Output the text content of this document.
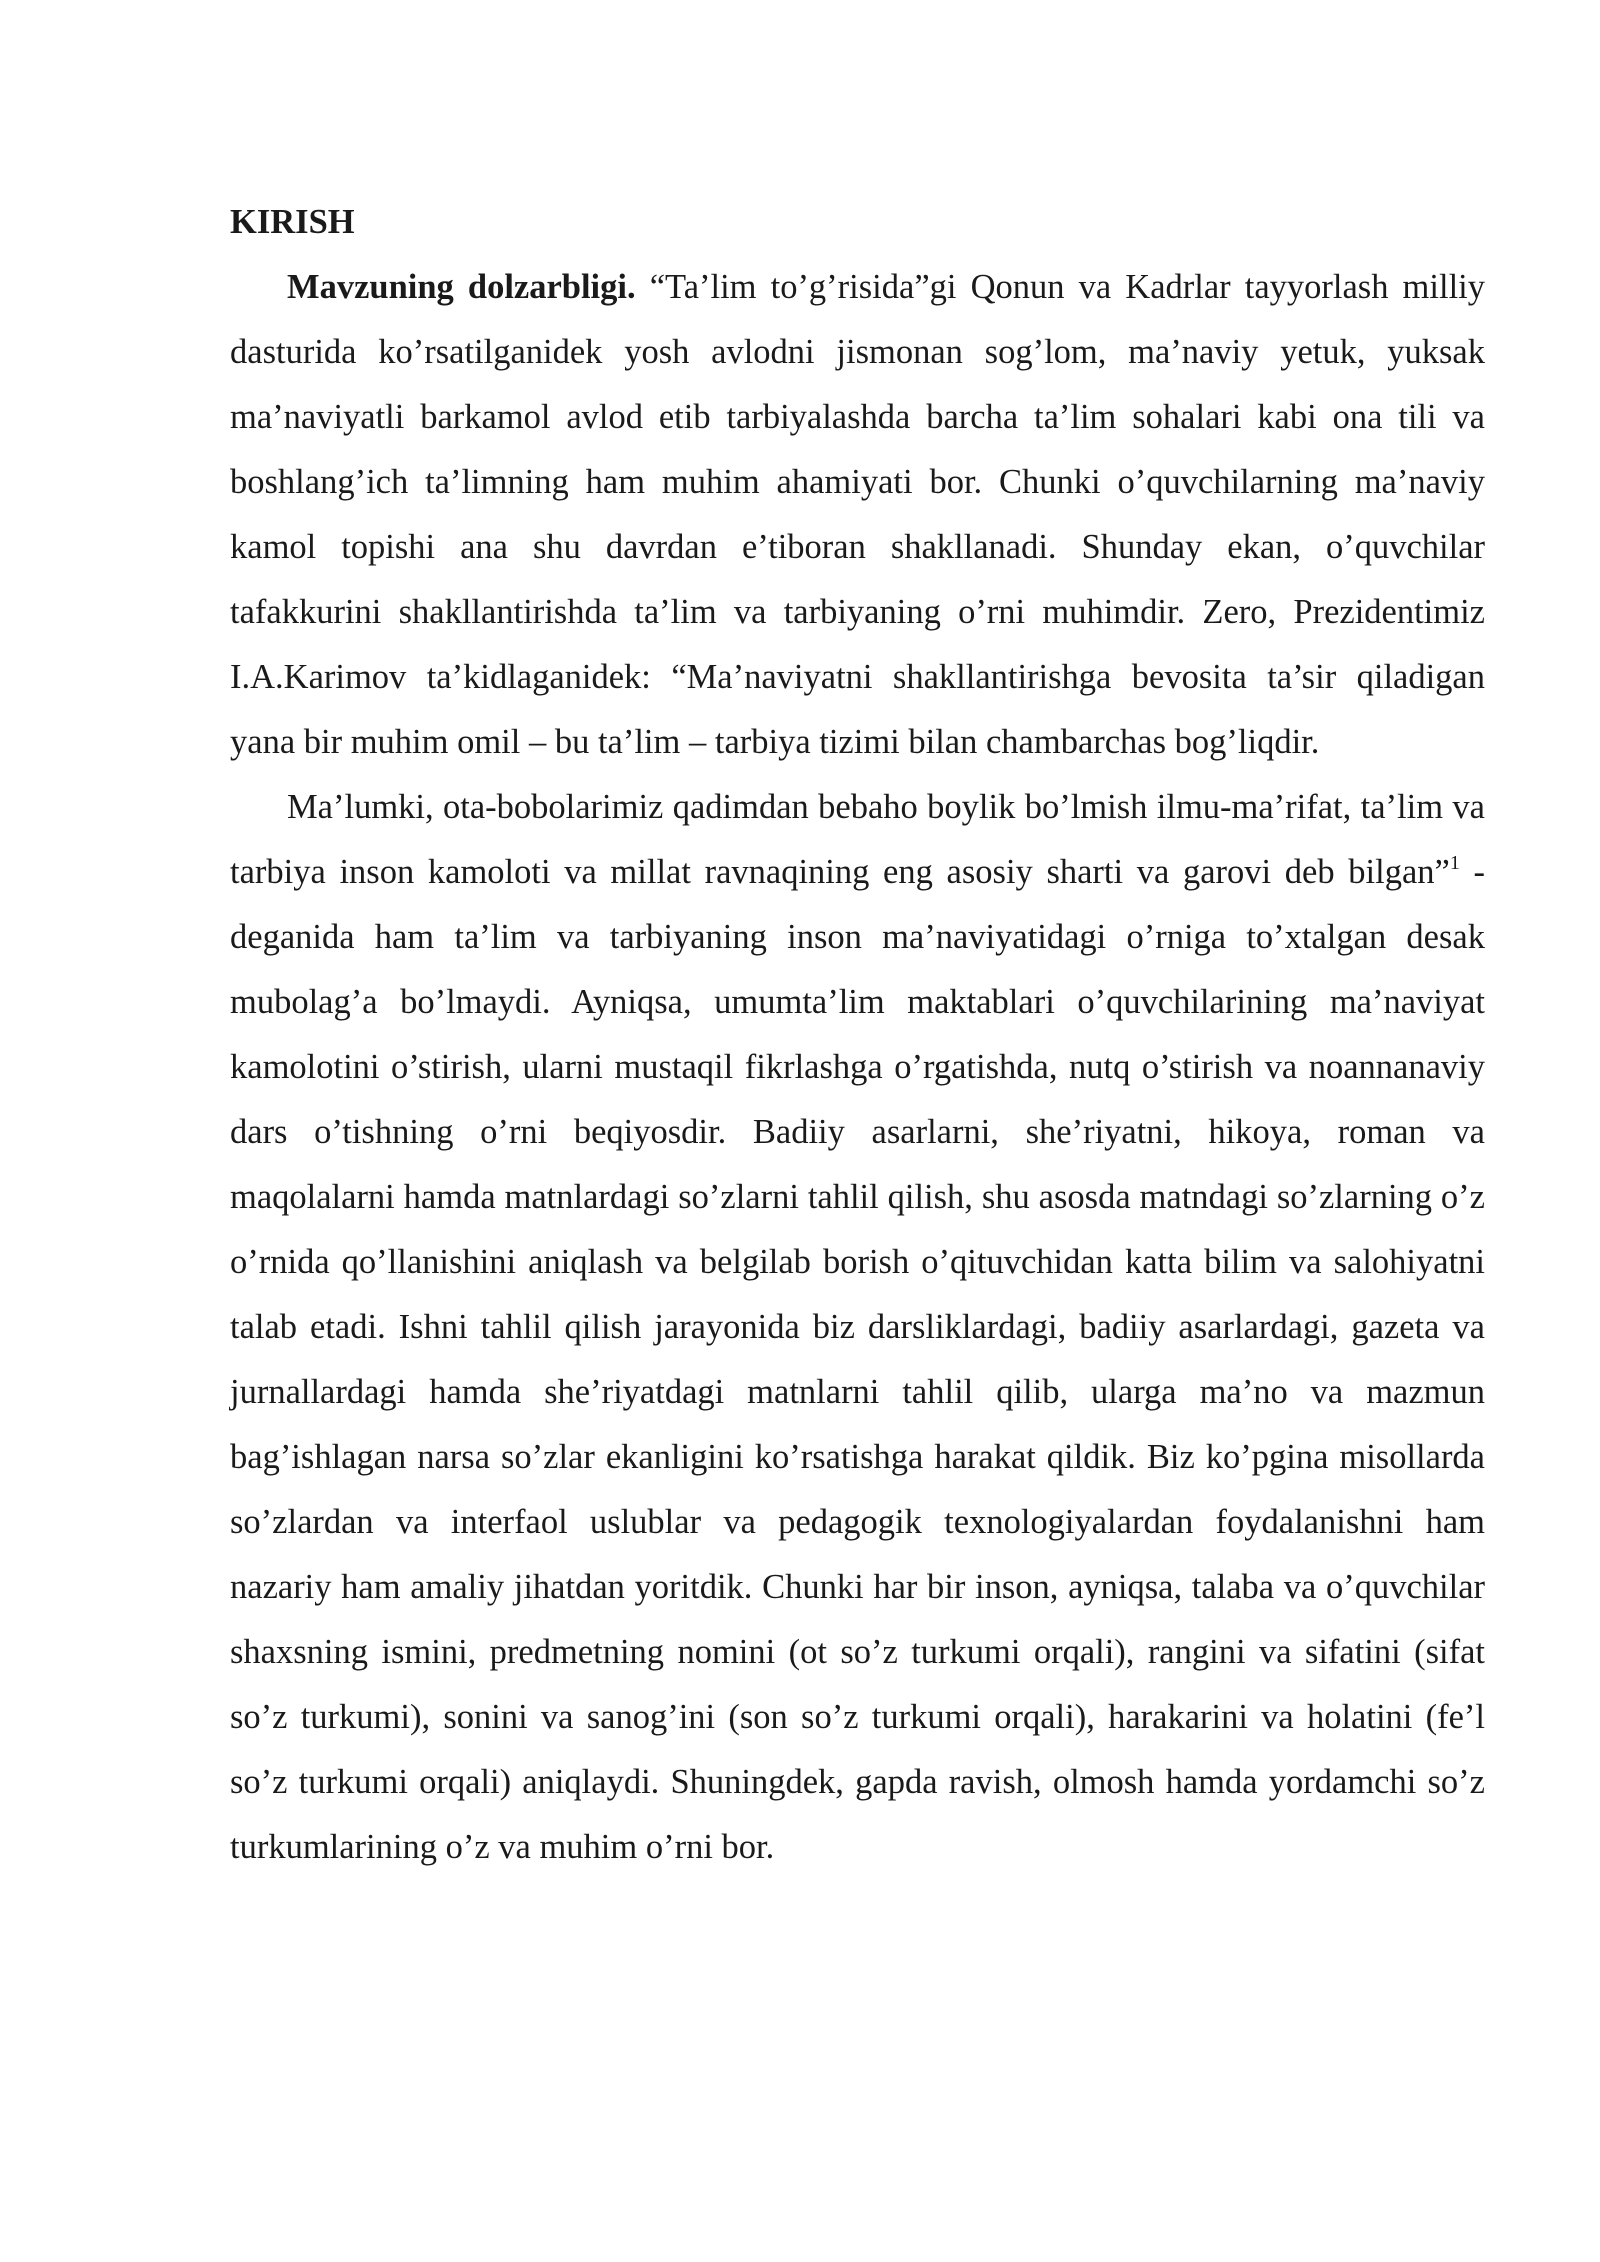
KIRISH

Mavzuning dolzarbligi. “Ta’lim to’g’risida”gi Qonun va Kadrlar tayyorlash milliy dasturida ko’rsatilganidek yosh avlodni jismonan sog’lom, ma’naviy yetuk, yuksak ma’naviyatli barkamol avlod etib tarbiyalashda barcha ta’lim sohalari kabi ona tili va boshlang’ich ta’limning ham muhim ahamiyati bor. Chunki o’quvchilarning ma’naviy kamol topishi ana shu davrdan e’tiboran shakllanadi. Shunday ekan, o’quvchilar tafakkurini shakllantirishda ta’lim va tarbiyaning o’rni muhimdir. Zero, Prezidentimiz I.A.Karimov ta’kidlaganidek: “Ma’naviyatni shakllantirishga bevosita ta’sir qiladigan yana bir muhim omil – bu ta’lim – tarbiya tizimi bilan chambarchas bog’liqdir.

Ma’lumki, ota-bobolarimiz qadimdan bebaho boylik bo’lmish ilmu-ma’rifat, ta’lim va tarbiya inson kamoloti va millat ravnaqining eng asosiy sharti va garovi deb bilgan”$^1$ - deganida ham ta’lim va tarbiyaning inson ma’naviyatidagi o’rniga to’xtalgan desak mubolag’a bo’lmaydi. Ayniqsa, umumta’lim maktablari o’quvchilarining ma’naviyat kamolotini o’stirish, ularni mustaqil fikrlashga o’rgatishda, nutq o’stirish va noannanaviy dars o’tishning o’rni beqiyosdir. Badiiy asarlarni, she’riyatni, hikoya, roman va maqolalarni hamda matnlardagi so’zlarni tahlil qilish, shu asosda matndagi so’zlarning o’z o’rnida qo’llanishini aniqlash va belgilab borish o’qituvchidan katta bilim va salohiyatni talab etadi. Ishni tahlil qilish jarayonida biz darsliklardagi, badiiy asarlardagi, gazeta va jurnallardagi hamda she’riyatdagi matnlarni tahlil qilib, ularga ma’no va mazmun bag’ishlagan narsa so’zlar ekanligini ko’rsatishga harakat qildik. Biz ko’pgina misollarda so’zlardan va interfaol uslublar va pedagogik texnologiyalardan foydalanishni ham nazariy ham amaliy jihatdan yoritdik. Chunki har bir inson, ayniqsa, talaba va o’quvchilar shaxsning ismini, predmetning nomini (ot so’z turkumi orqali), rangini va sifatini (sifat so’z turkumi), sonini va sanog’ini (son so’z turkumi orqali), harakarini va holatini (fe’l so’z turkumi orqali) aniqlaydi. Shuningdek, gapda ravish, olmosh hamda yordamchi so’z turkumlarining o’z va muhim o’rni bor.
